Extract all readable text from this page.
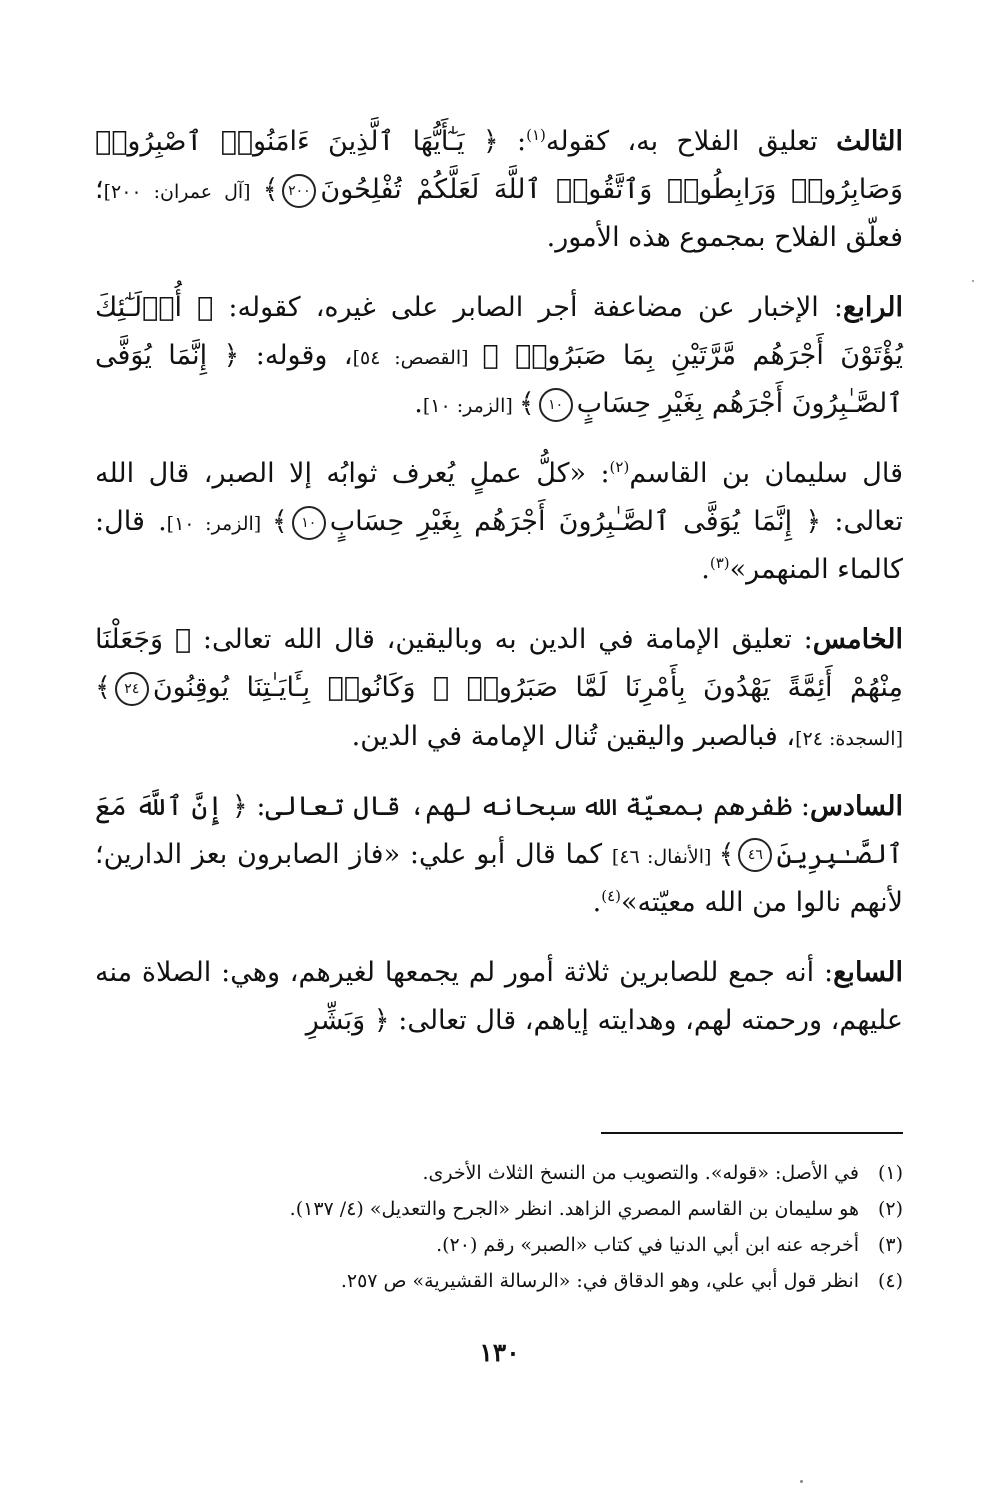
الثالث تعليق الفلاح به، كقوله$^{(١)}$: ﴿ يَـٰٓأَيُّهَا ٱلَّذِينَ ءَامَنُوا۟ ٱصْبِرُوا۟ وَصَابِرُوا۟ وَرَابِطُوا۟ وَٱتَّقُوا۟ ٱللَّهَ لَعَلَّكُمْ تُفْلِحُونَ٢٠٠﴾ [آل عمران: ٢٠٠]؛ فعلّق الفلاح بمجموع هذه الأمور.

الرابع: الإخبار عن مضاعفة أجر الصابر على غيره، كقوله: ﴿ أُو۟لَـٰٓئِكَ يُؤْتَوْنَ أَجْرَهُم مَّرَّتَيْنِ بِمَا صَبَرُوا۟ ﴾ [القصص: ٥٤]، وقوله: ﴿ إِنَّمَا يُوَفَّى ٱلصَّـٰبِرُونَ أَجْرَهُم بِغَيْرِ حِسَابٍ١٠﴾ [الزمر: ١٠].

قال سليمان بن القاسم$^{(٢)}$: «كلُّ عملٍ يُعرف ثوابُه إلا الصبر، قال الله تعالى: ﴿ إِنَّمَا يُوَفَّى ٱلصَّـٰبِرُونَ أَجْرَهُم بِغَيْرِ حِسَابٍ١٠﴾ [الزمر: ١٠]. قال: كالماء المنهمر»$^{(٣)}$.

الخامس: تعليق الإمامة في الدين به وباليقين، قال الله تعالى: ﴿ وَجَعَلْنَا مِنْهُمْ أَئِمَّةً يَهْدُونَ بِأَمْرِنَا لَمَّا صَبَرُوا۟ ۖ وَكَانُوا۟ بِـَٔايَـٰتِنَا يُوقِنُونَ٢٤﴾ [السجدة: ٢٤]، فبالصبر واليقين تُنال الإمامة في الدين.

السادس: ظفرهم بمعيّة الله سبحانه لهم، قال تعالى: ﴿ إِنَّ ٱللَّهَ مَعَ ٱلصَّـٰبِرِينَ٤٦﴾ [الأنفال: ٤٦] كما قال أبو علي: «فاز الصابرون بعز الدارين؛ لأنهم نالوا من الله معيّته»$^{(٤)}$.

السابع: أنه جمع للصابرين ثلاثة أمور لم يجمعها لغيرهم، وهي: الصلاة منه عليهم، ورحمته لهم، وهدايته إياهم، قال تعالى: ﴿ وَبَشِّرِ

(١)
في الأصل: «قوله». والتصويب من النسخ الثلاث الأخرى.
(٢)
هو سليمان بن القاسم المصري الزاهد. انظر «الجرح والتعديل» (٤/ ١٣٧).
(٣)
أخرجه عنه ابن أبي الدنيا في كتاب «الصبر» رقم (٢٠).
(٤)
انظر قول أبي علي، وهو الدقاق في: «الرسالة القشيرية» ص ٢٥٧.
١٣٠
